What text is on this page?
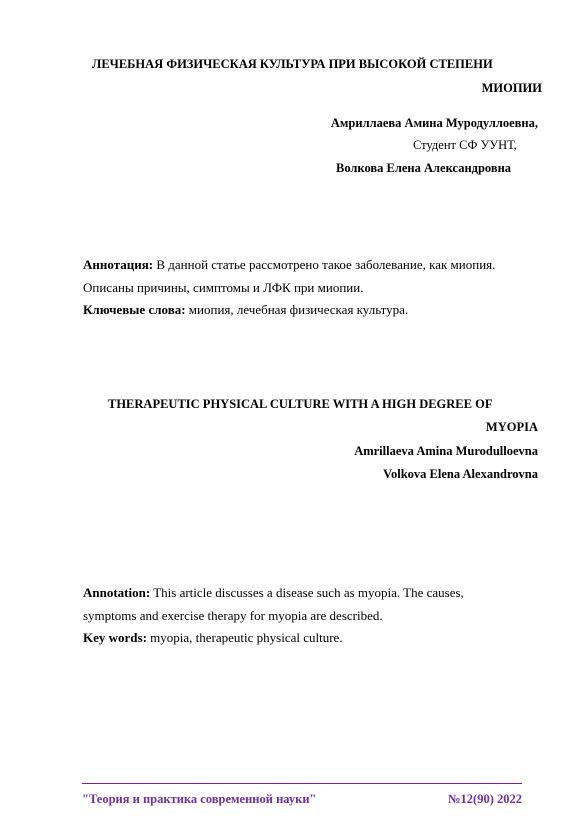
ЛЕЧЕБНАЯ ФИЗИЧЕСКАЯ КУЛЬТУРА ПРИ ВЫСОКОЙ СТЕПЕНИ
МИОПИИ
Амриллаева Амина Муродуллоевна,
Студент СФ УУНТ,
Волкова Елена Александровна
Аннотация: В данной статье рассмотрено такое заболевание, как миопия.
Описаны причины, симптомы и ЛФК при миопии.
Ключевые слова: миопия, лечебная физическая культура.
THERAPEUTIC PHYSICAL CULTURE WITH A HIGH DEGREE OF
MYOPIA
Amrillaeva Amina Murodulloevna
Volkova Elena Alexandrovna
Annotation: This article discusses a disease such as myopia. The causes,
symptoms and exercise therapy for myopia are described.
Key words: myopia, therapeutic physical culture.
"Теория и практика современной науки"	№12(90) 2022
